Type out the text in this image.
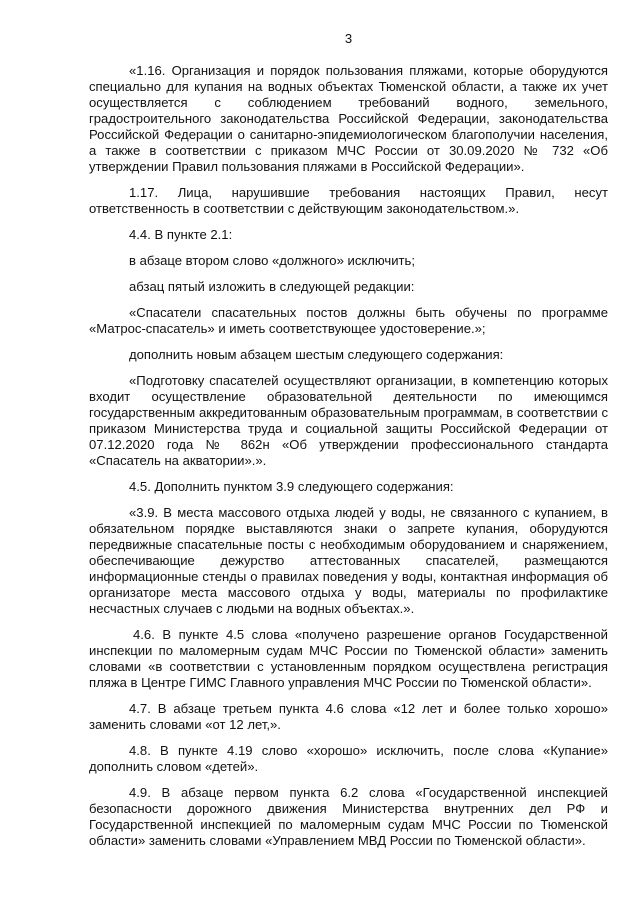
3

«1.16. Организация и порядок пользования пляжами, которые оборудуются специально для купания на водных объектах Тюменской области, а также их учет осуществляется с соблюдением требований водного, земельного, градостроительного законодательства Российской Федерации, законодательства Российской Федерации о санитарно-эпидемиологическом благополучии населения, а также в соответствии с приказом МЧС России от 30.09.2020 № 732 «Об утверждении Правил пользования пляжами в Российской Федерации».

1.17. Лица, нарушившие требования настоящих Правил, несут ответственность в соответствии с действующим законодательством.».

4.4. В пункте 2.1:

в абзаце втором слово «должного» исключить;

абзац пятый изложить в следующей редакции:

«Спасатели спасательных постов должны быть обучены по программе «Матрос-спасатель» и иметь соответствующее удостоверение.»;

дополнить новым абзацем шестым следующего содержания:

«Подготовку спасателей осуществляют организации, в компетенцию которых входит осуществление образовательной деятельности по имеющимся государственным аккредитованным образовательным программам, в соответствии с приказом Министерства труда и социальной защиты Российской Федерации от 07.12.2020 года № 862н «Об утверждении профессионального стандарта «Спасатель на акватории».».

4.5. Дополнить пунктом 3.9 следующего содержания:

«3.9. В места массового отдыха людей у воды, не связанного с купанием, в обязательном порядке выставляются знаки о запрете купания, оборудуются передвижные спасательные посты с необходимым оборудованием и снаряжением, обеспечивающие дежурство аттестованных спасателей, размещаются информационные стенды о правилах поведения у воды, контактная информация об организаторе места массового отдыха у воды, материалы по профилактике несчастных случаев с людьми на водных объектах.».

4.6. В пункте 4.5 слова «получено разрешение органов Государственной инспекции по маломерным судам МЧС России по Тюменской области» заменить словами «в соответствии с установленным порядком осуществлена регистрация пляжа в Центре ГИМС Главного управления МЧС России по Тюменской области».

4.7. В абзаце третьем пункта 4.6 слова «12 лет и более только хорошо» заменить словами «от 12 лет,».

4.8. В пункте 4.19 слово «хорошо» исключить, после слова «Купание» дополнить словом «детей».

4.9. В абзаце первом пункта 6.2 слова «Государственной инспекцией безопасности дорожного движения Министерства внутренних дел РФ и Государственной инспекцией по маломерным судам МЧС России по Тюменской области» заменить словами «Управлением МВД России по Тюменской области».
